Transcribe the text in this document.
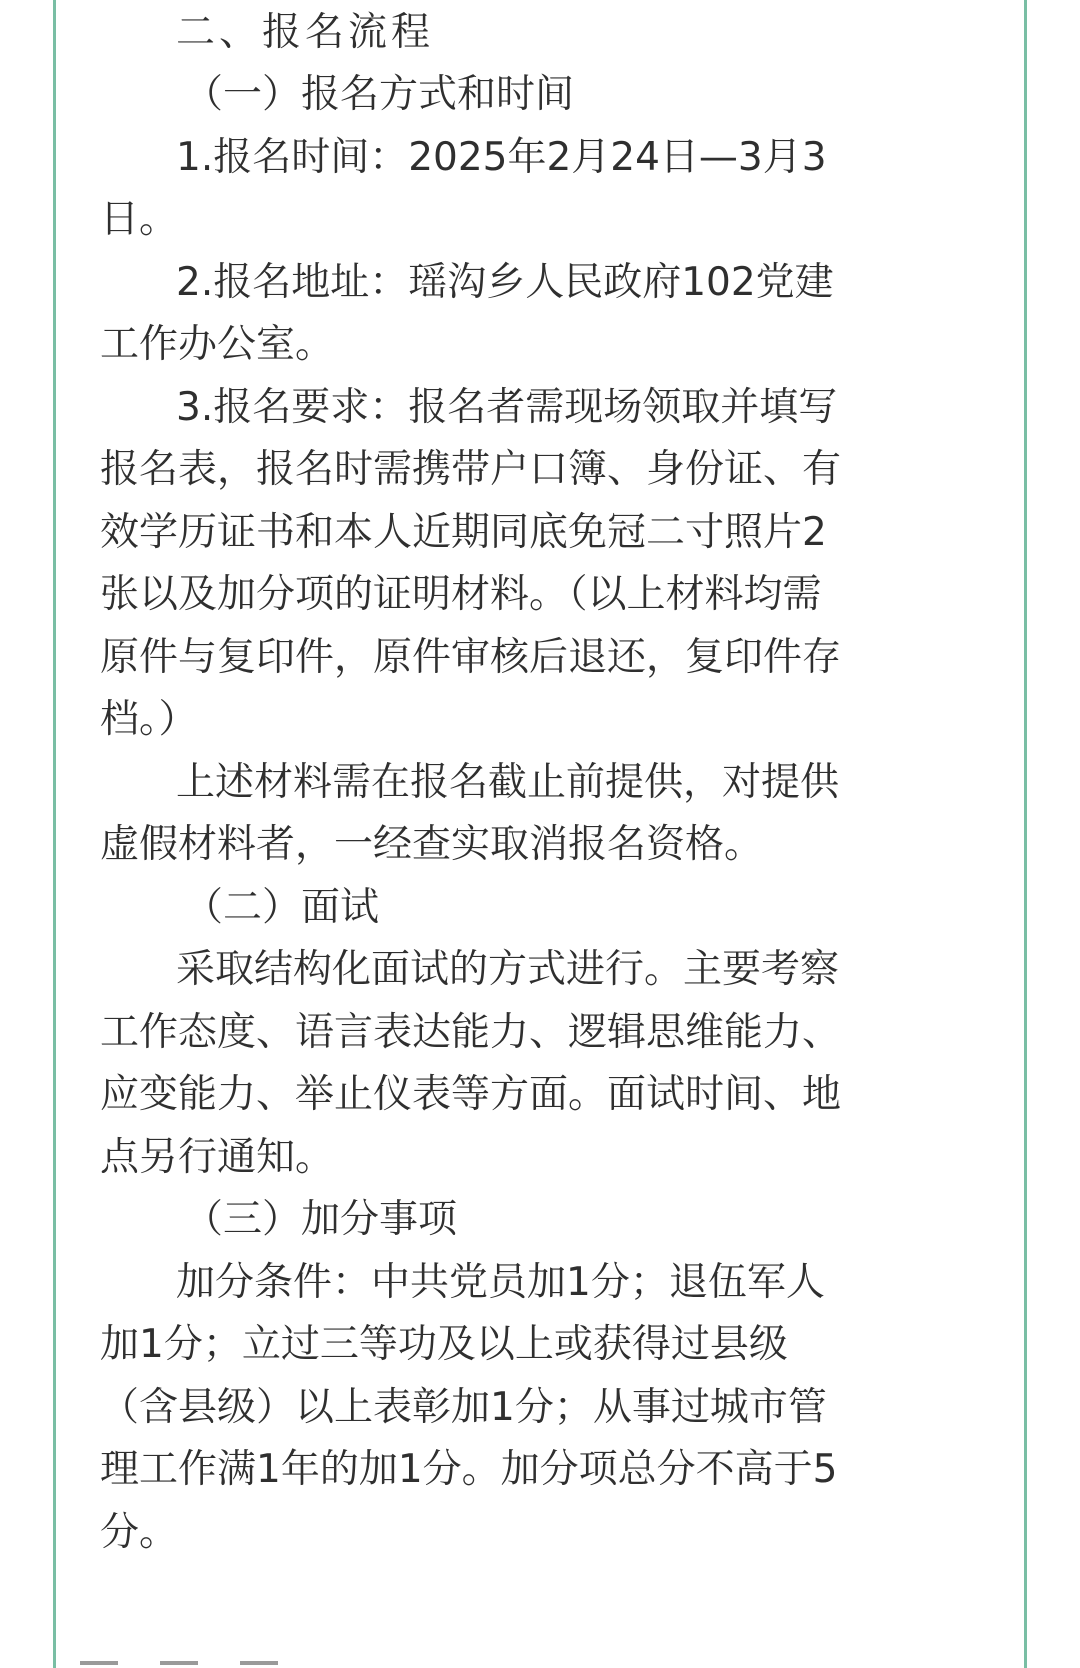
二、报名流程
（一）报名方式和时间
1.报名时间：2025年2月24日—3月3
日。
2.报名地址：瑶沟乡人民政府102党建
工作办公室。
3.报名要求：报名者需现场领取并填写
报名表，报名时需携带户口簿、身份证、有
效学历证书和本人近期同底免冠二寸照片2
张以及加分项的证明材料。（以上材料均需
原件与复印件，原件审核后退还，复印件存
档。）
上述材料需在报名截止前提供，对提供
虚假材料者，一经查实取消报名资格。
（二）面试
采取结构化面试的方式进行。主要考察
工作态度、语言表达能力、逻辑思维能力、
应变能力、举止仪表等方面。面试时间、地
点另行通知。
（三）加分事项
加分条件：中共党员加1分；退伍军人
加1分；立过三等功及以上或获得过县级
（含县级）以上表彰加1分；从事过城市管
理工作满1年的加1分。加分项总分不高于5
分。
